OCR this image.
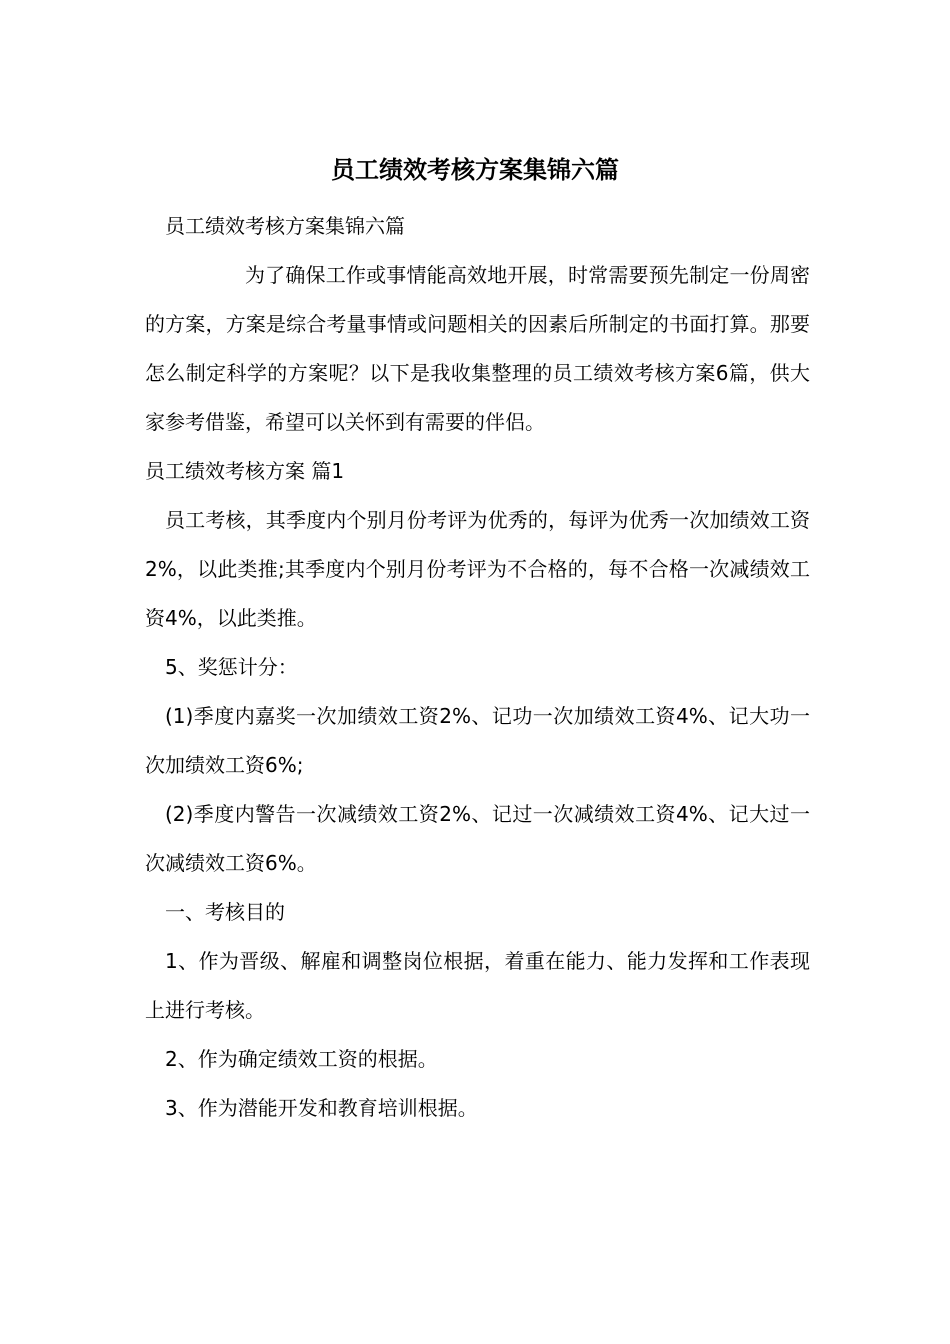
员工绩效考核方案集锦六篇

员工绩效考核方案集锦六篇

为了确保工作或事情能高效地开展，时常需要预先制定一份周密的方案，方案是综合考量事情或问题相关的因素后所制定的书面打算。那要怎么制定科学的方案呢？以下是我收集整理的员工绩效考核方案6篇，供大家参考借鉴，希望可以关怀到有需要的伴侣。

员工绩效考核方案 篇1

员工考核，其季度内个别月份考评为优秀的，每评为优秀一次加绩效工资2%，以此类推;其季度内个别月份考评为不合格的，每不合格一次减绩效工资4%，以此类推。

5、奖惩计分：

(1)季度内嘉奖一次加绩效工资2%、记功一次加绩效工资4%、记大功一次加绩效工资6%;

(2)季度内警告一次减绩效工资2%、记过一次减绩效工资4%、记大过一次减绩效工资6%。

一、考核目的

1、作为晋级、解雇和调整岗位根据，着重在能力、能力发挥和工作表现上进行考核。

2、作为确定绩效工资的根据。

3、作为潜能开发和教育培训根据。
